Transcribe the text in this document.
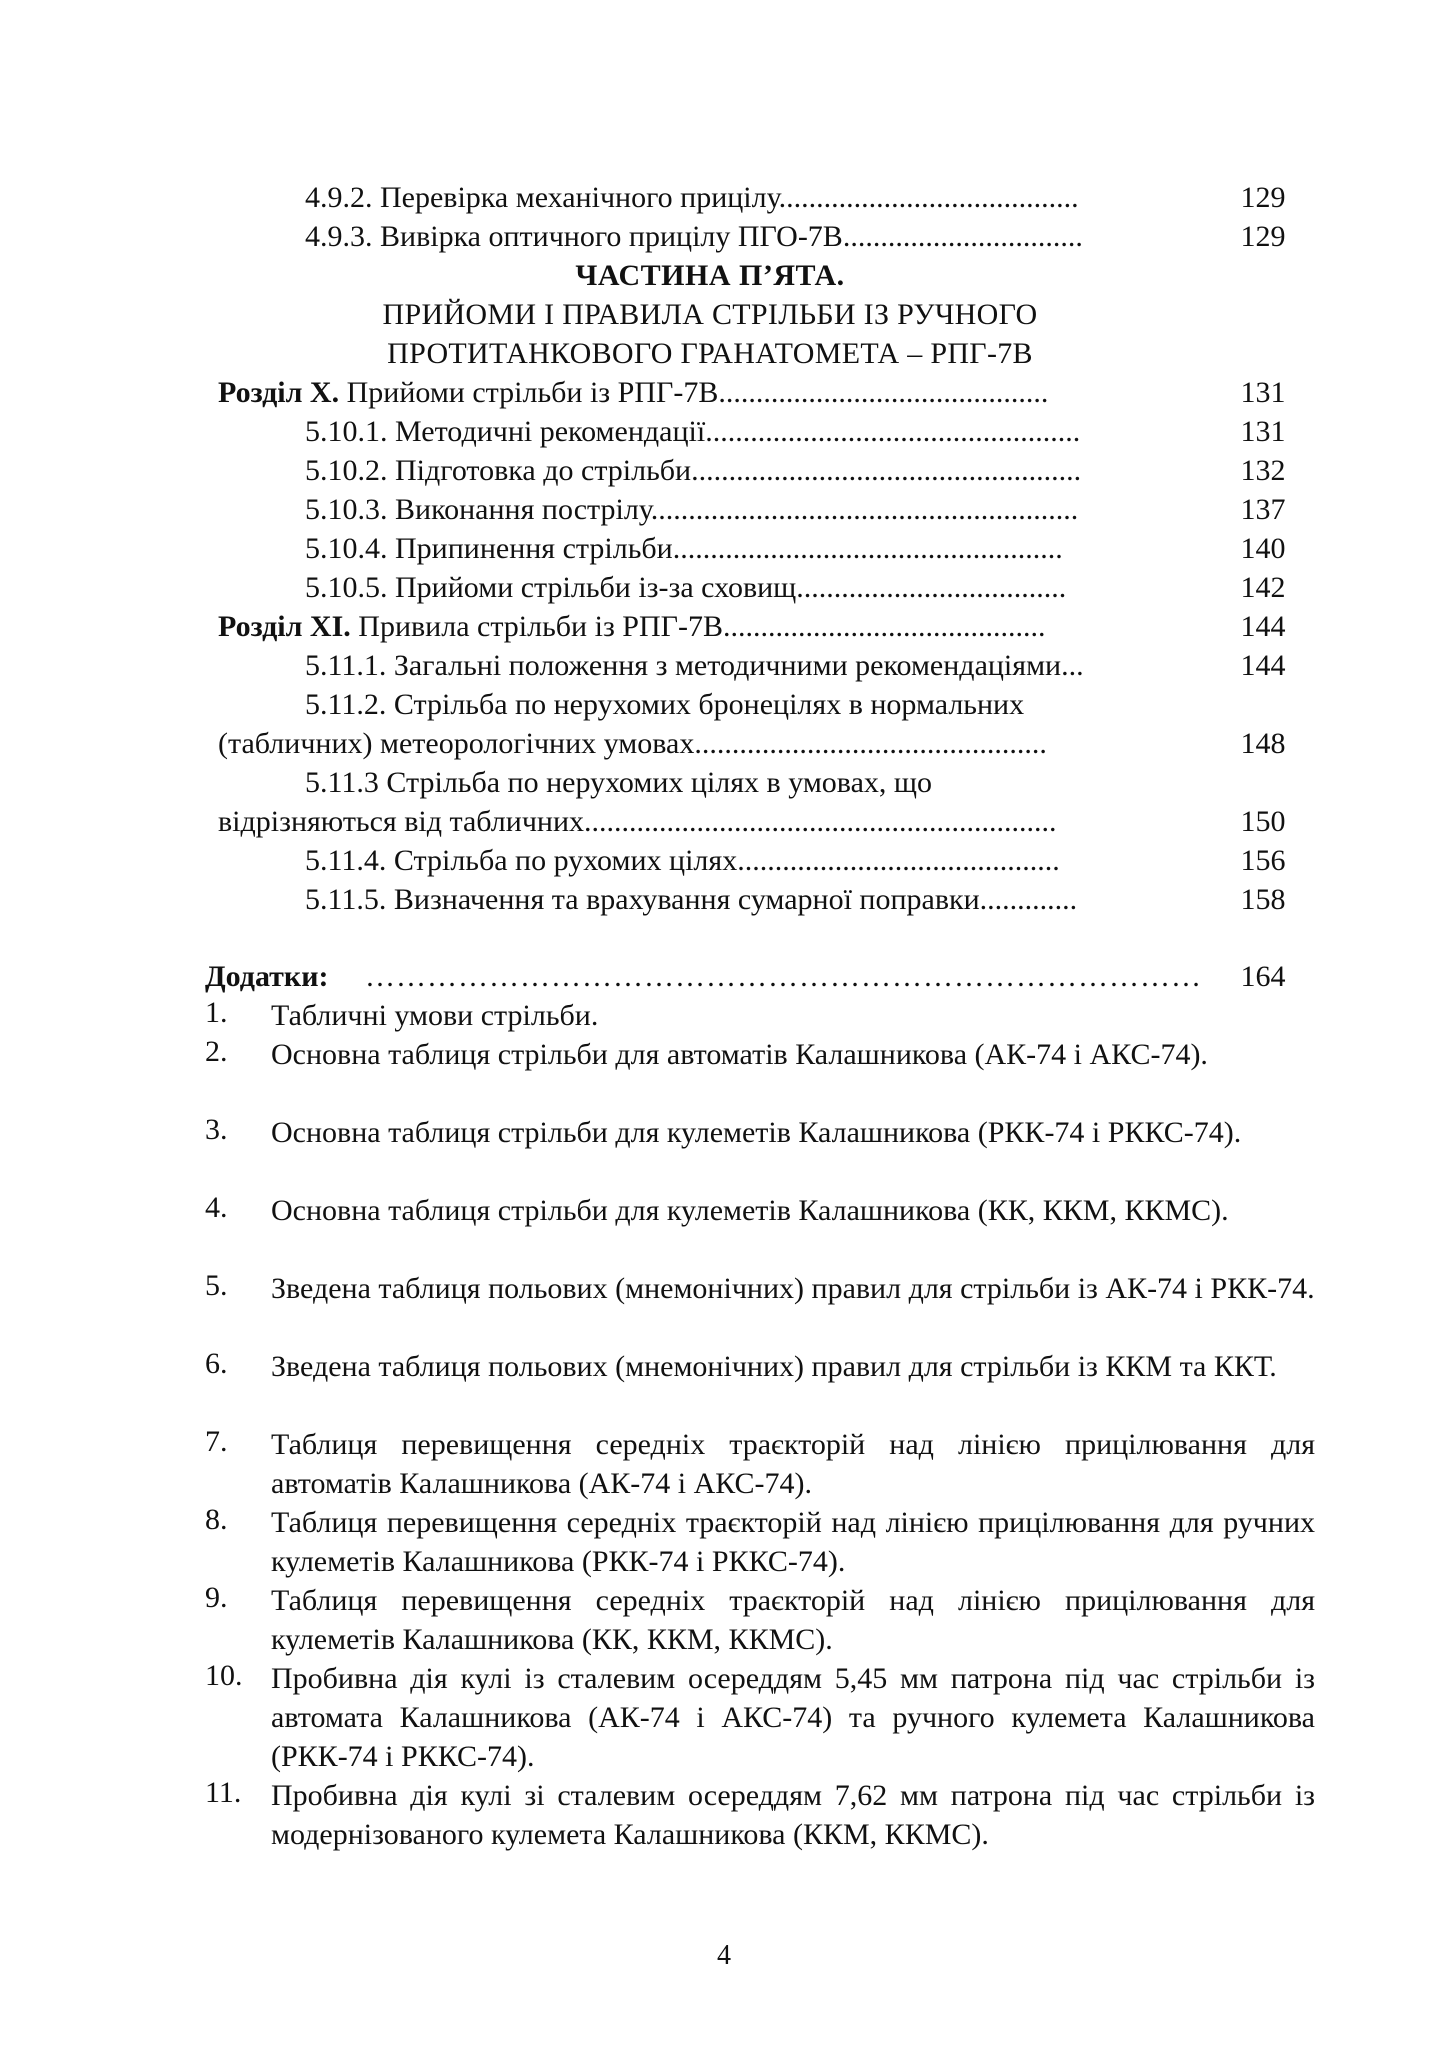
4.9.2. Перевірка механічного прицілу........................................	129
4.9.3. Вивірка оптичного прицілу ПГО-7В................................	129
ЧАСТИНА П’ЯТА.
ПРИЙОМИ І ПРАВИЛА СТРІЛЬБИ ІЗ РУЧНОГО
ПРОТИТАНКОВОГО ГРАНАТОМЕТА – РПГ-7В
Розділ X. Прийоми стрільби із РПГ-7В............................................	131
5.10.1. Методичні рекомендації..................................................	131
5.10.2. Підготовка до стрільби....................................................	132
5.10.3. Виконання пострілу.........................................................	137
5.10.4. Припинення стрільби....................................................	140
5.10.5. Прийоми стрільби із-за сховищ....................................	142
Розділ XI. Привила стрільби із РПГ-7В...........................................	144
5.11.1. Загальні положення з методичними рекомендаціями...	144
5.11.2. Стрільба по нерухомих бронецілях в нормальних
(табличних) метеорологічних умовах...............................................	148
5.11.3 Стрільба по нерухомих цілях в умовах, що
відрізняються від табличних...............................................................	150
5.11.4. Стрільба по рухомих цілях...........................................	156
5.11.5. Визначення та врахування сумарної поправки.............	158
Додатки: ………………………………………………………………………	164
1.	Табличні умови стрільби.
2.	Основна таблиця стрільби для автоматів Калашникова (АК-74 і АКС-74).
3.	Основна таблиця стрільби для кулеметів Калашникова (РКК-74 і РККС-74).
4.	Основна таблиця стрільби для кулеметів Калашникова (КК, ККМ, ККМС).
5.	Зведена таблиця польових (мнемонічних) правил для стрільби із АК-74 і РКК-74.
6.	Зведена таблиця польових (мнемонічних) правил для стрільби із ККМ та ККТ.
7.	Таблиця перевищення середніх траєкторій над лінією прицілювання для автоматів Калашникова (АК-74 і АКС-74).
8.	Таблиця перевищення середніх траєкторій над лінією прицілювання для ручних кулеметів Калашникова (РКК-74 і РККС-74).
9.	Таблиця перевищення середніх траєкторій над лінією прицілювання для кулеметів Калашникова (КК, ККМ, ККМС).
10. Пробивна дія кулі із сталевим осереддям 5,45 мм патрона під час стрільби із автомата Калашникова (АК-74 і АКС-74) та ручного кулемета Калашникова (РКК-74 і РККС-74).
11. Пробивна дія кулі зі сталевим осереддям 7,62 мм патрона під час стрільби із модернізованого кулемета Калашникова (ККМ, ККМС).
4
